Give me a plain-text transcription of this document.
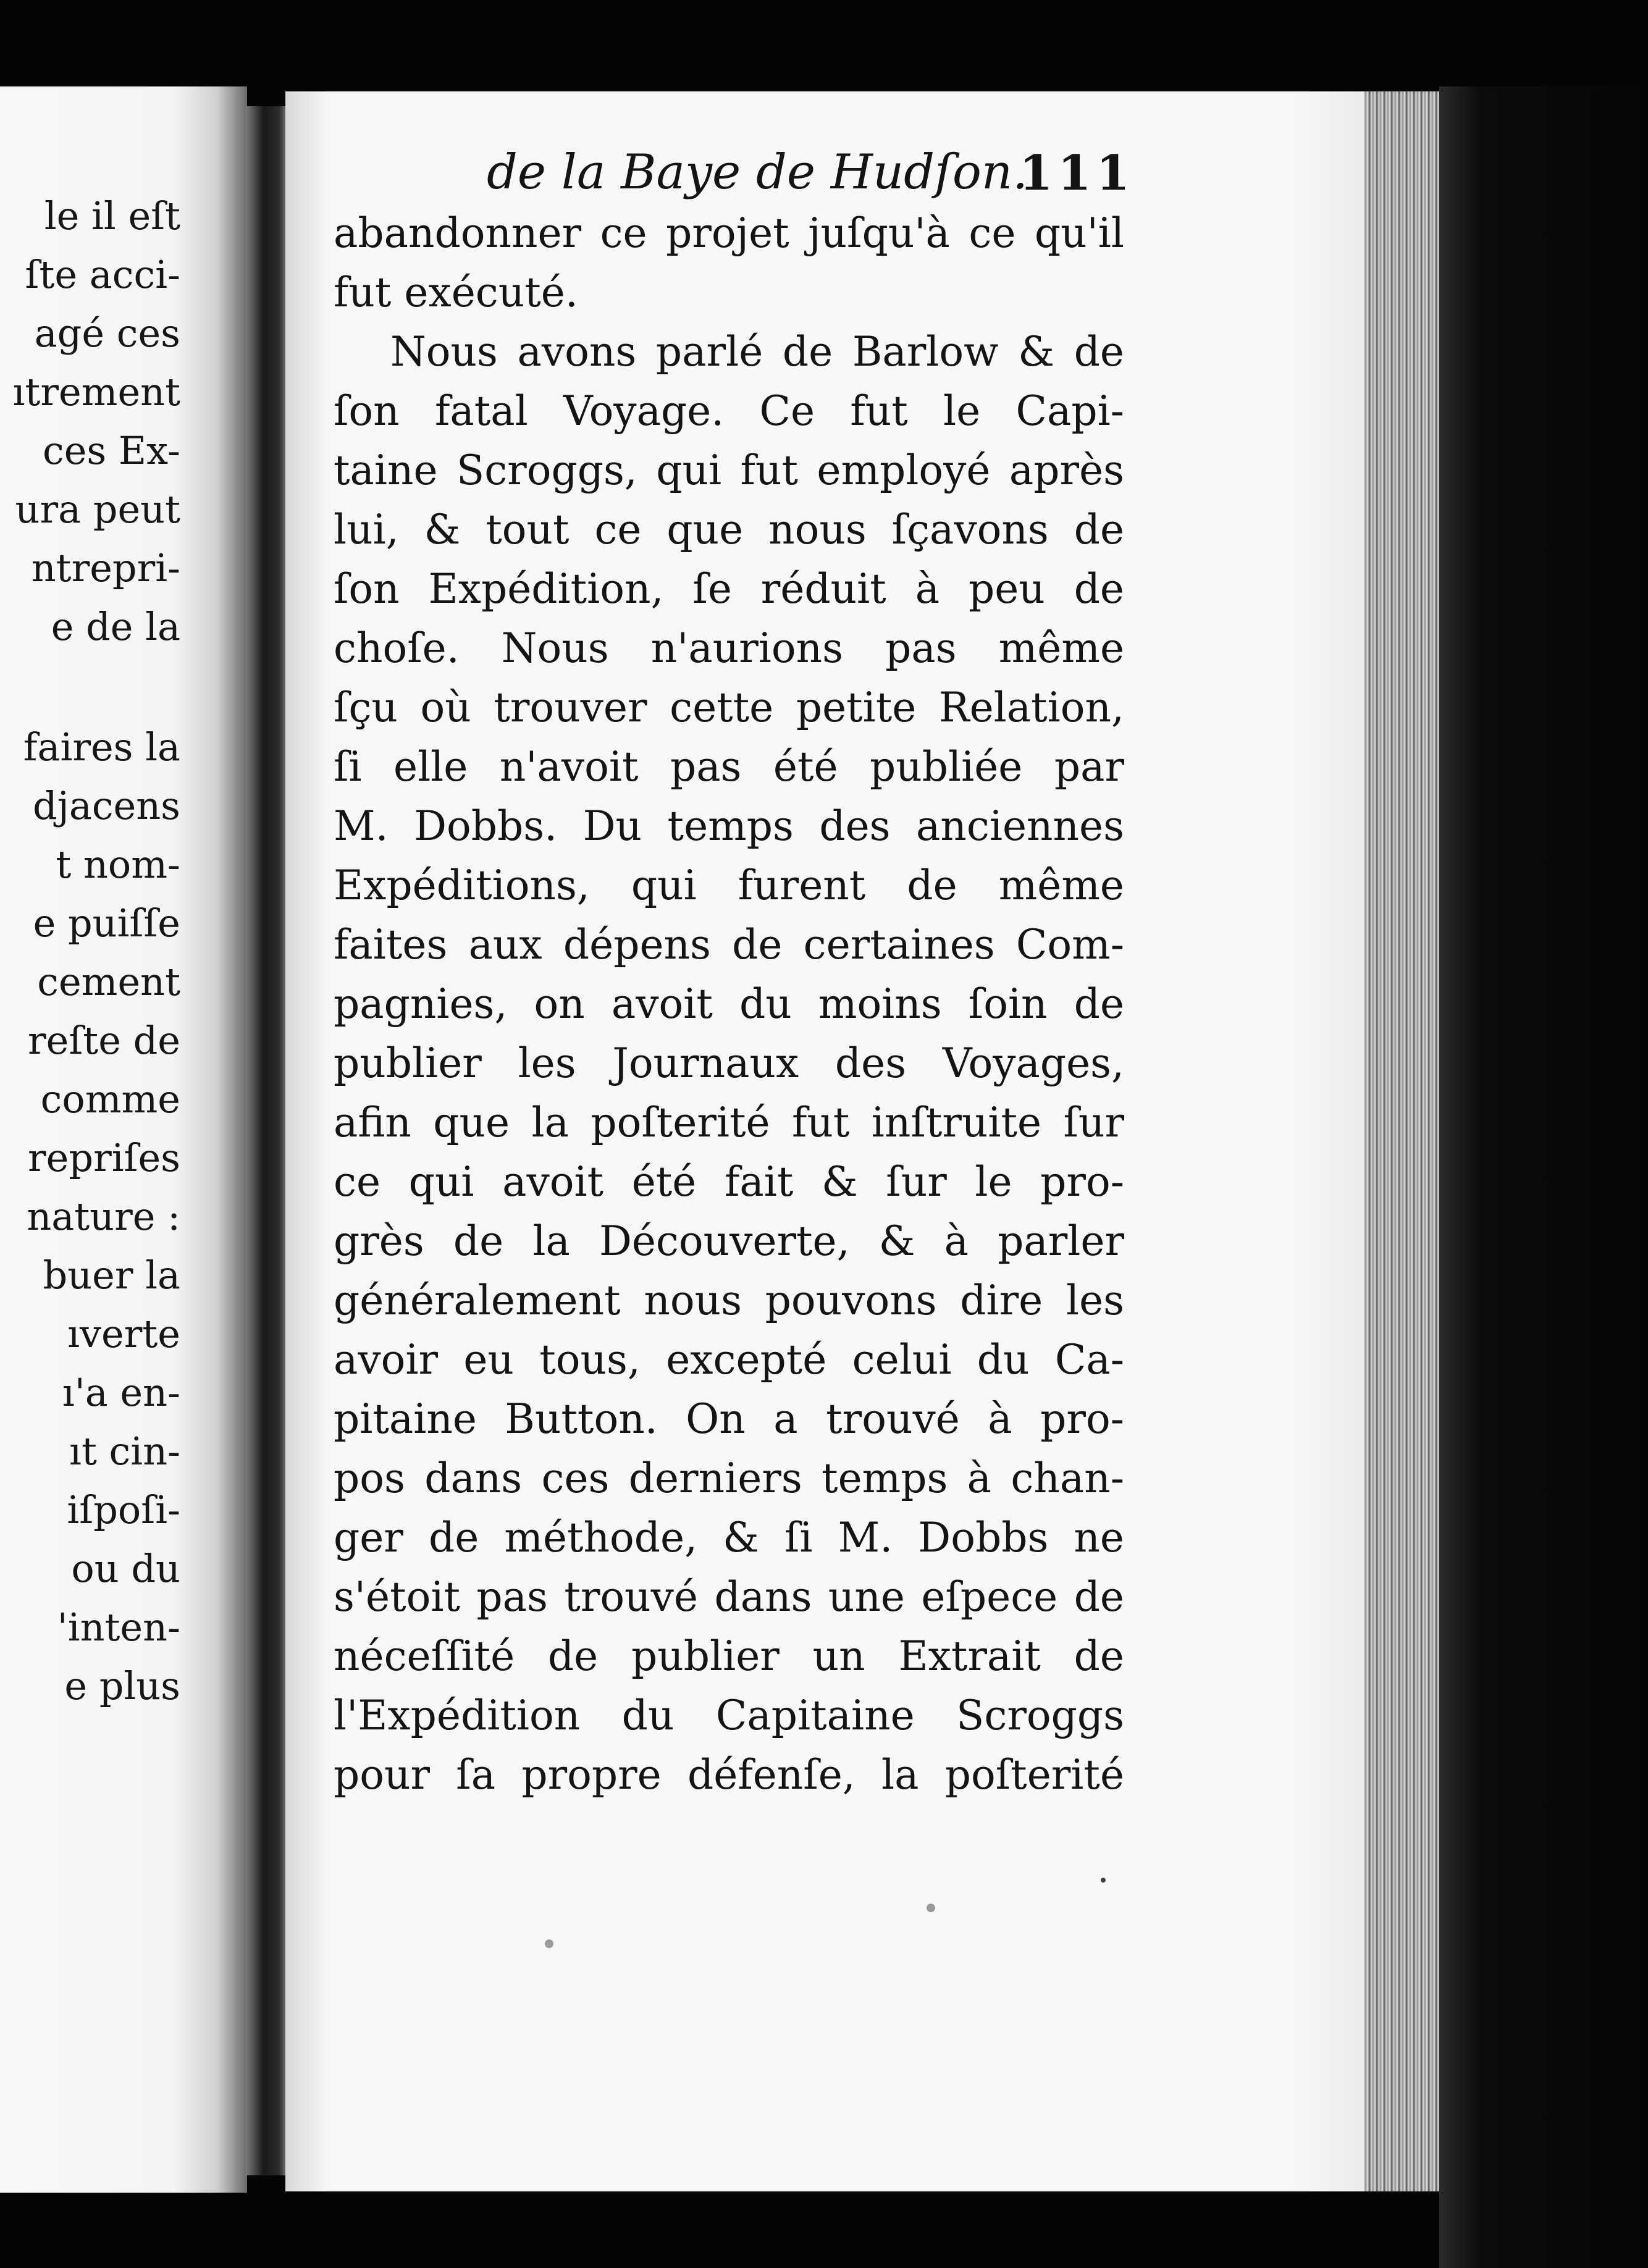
le il eſt
ſte acci-
agé ces
ıtrement
ces Ex-
ura peut
ntrepri-
e de la
faires la
djacens
t nom-
e puiſſe
cement
reſte de
comme
repriſes
nature :
buer la
ıverte
ı'a en-
ıt cin-
iſpoſi-
ou du
'inten-
e plus
de la Baye de Hudſon.
111
abandonner ce projet juſqu'à ce qu'il
fut exécuté.
Nous avons parlé de Barlow & de
ſon fatal Voyage. Ce fut le Capi-
taine Scroggs, qui fut employé après
lui, & tout ce que nous ſçavons de
ſon Expédition, ſe réduit à peu de
choſe. Nous n'aurions pas même
ſçu où trouver cette petite Relation,
ſi elle n'avoit pas été publiée par
M. Dobbs. Du temps des anciennes
Expéditions, qui furent de même
faites aux dépens de certaines Com-
pagnies, on avoit du moins ſoin de
publier les Journaux des Voyages,
afin que la poſterité fut inſtruite ſur
ce qui avoit été fait & ſur le pro-
grès de la Découverte, & à parler
généralement nous pouvons dire les
avoir eu tous, excepté celui du Ca-
pitaine Button. On a trouvé à pro-
pos dans ces derniers temps à chan-
ger de méthode, & ſi M. Dobbs ne
s'étoit pas trouvé dans une eſpece de
néceſſité de publier un Extrait de
l'Expédition du Capitaine Scroggs
pour ſa propre défenſe, la poſterité
